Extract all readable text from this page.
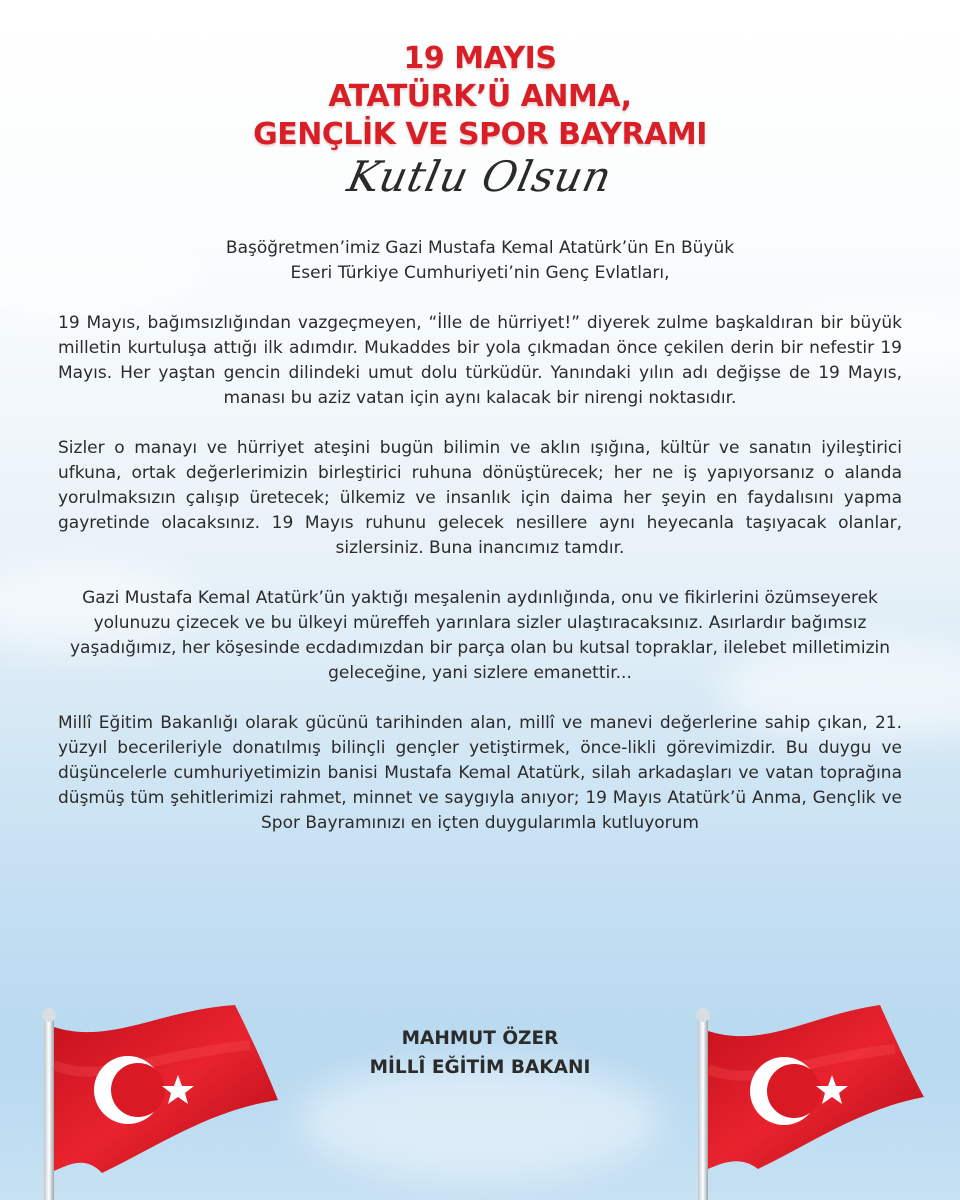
19 MAYIS
ATATÜRK’Ü ANMA,
GENÇLİK VE SPOR BAYRAMI
Kutlu Olsun

Başöğretmen’imiz Gazi Mustafa Kemal Atatürk’ün En Büyük Eseri Türkiye Cumhuriyeti’nin Genç Evlatları,

19 Mayıs, bağımsızlığından vazgeçmeyen, “İlle de hürriyet!” diyerek zulme başkaldıran bir büyük milletin kurtuluşa attığı ilk adımdır. Mukaddes bir yola çıkmadan önce çekilen derin bir nefestir 19 Mayıs. Her yaştan gencin dilindeki umut dolu türküdür. Yanındaki yılın adı değişse de 19 Mayıs, manası bu aziz vatan için aynı kalacak bir nirengi noktasıdır.

Sizler o manayı ve hürriyet ateşini bugün bilimin ve aklın ışığına, kültür ve sanatın iyileştirici ufkuna, ortak değerlerimizin birleştirici ruhuna dönüştürecek; her ne iş yapıyorsanız o alanda yorulmaksızın çalışıp üretecek; ülkemiz ve insanlık için daima her şeyin en faydalısını yapma gayretinde olacaksınız. 19 Mayıs ruhunu gelecek nesillere aynı heyecanla taşıyacak olanlar, sizlersiniz. Buna inancımız tamdır.

Gazi Mustafa Kemal Atatürk’ün yaktığı meşalenin aydınlığında, onu ve fikirlerini özümseyerek yolunuzu çizecek ve bu ülkeyi müreffeh yarınlara sizler ulaştıracaksınız. Asırlardır bağımsız yaşadığımız, her köşesinde ecdadımızdan bir parça olan bu kutsal topraklar, ilelebet milletimizin geleceğine, yani sizlere emanettir...

Millî Eğitim Bakanlığı olarak gücünü tarihinden alan, millî ve manevi değerlerine sahip çıkan, 21. yüzyıl becerileriyle donatılmış bilinçli gençler yetiştirmek, önce-likli görevimizdir. Bu duygu ve düşüncelerle cumhuriyetimizin banisi Mustafa Kemal Atatürk, silah arkadaşları ve vatan toprağına düşmüş tüm şehitlerimizi rahmet, minnet ve saygıyla anıyor; 19 Mayıs Atatürk’ü Anma, Gençlik ve Spor Bayramınızı en içten duygularımla kutluyorum

MAHMUT ÖZER
MİLLÎ EĞİTİM BAKANI
